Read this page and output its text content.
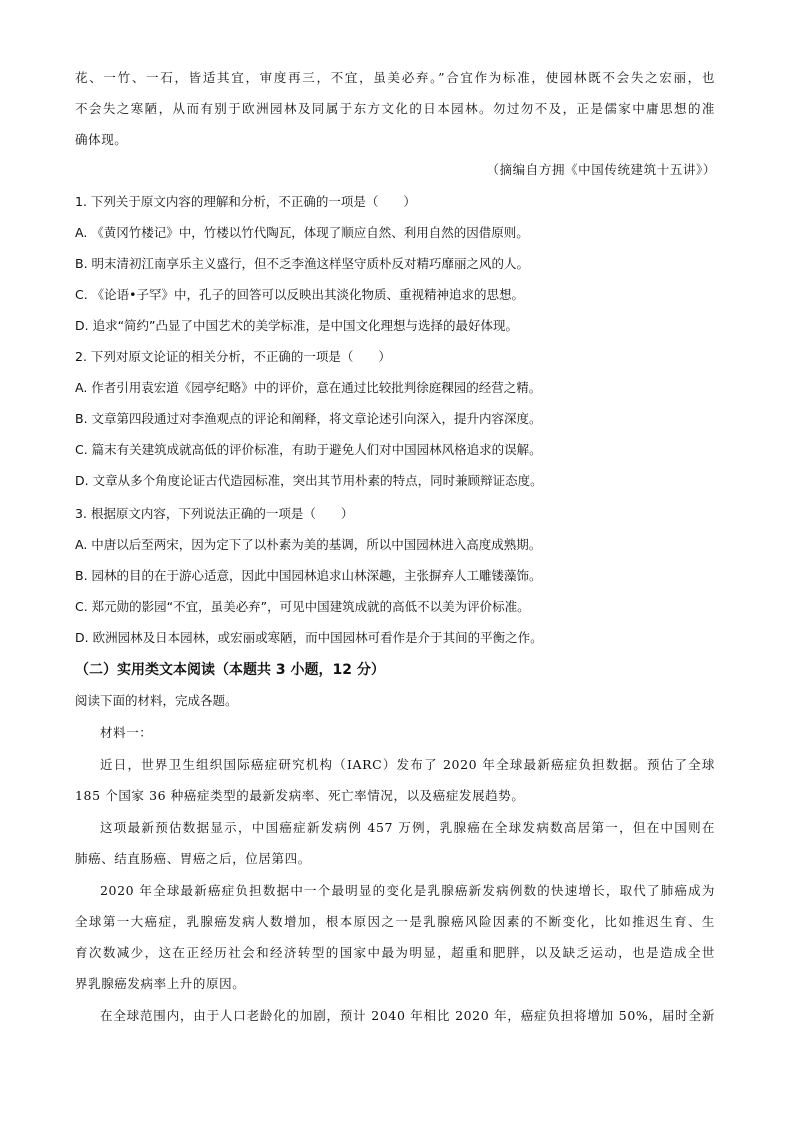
花、一竹、一石，皆适其宜，审度再三，不宜，虽美必弃。”合宜作为标准，使园林既不会失之宏丽，也
不会失之寒陋，从而有别于欧洲园林及同属于东方文化的日本园林。勿过勿不及，正是儒家中庸思想的准
确体现。
（摘编自方拥《中国传统建筑十五讲》）
1. 下列关于原文内容的理解和分析，不正确的一项是（　　）
A. 《黄冈竹楼记》中，竹楼以竹代陶瓦，体现了顺应自然、利用自然的因借原则。
B. 明末清初江南享乐主义盛行，但不乏李渔这样坚守质朴反对精巧靡丽之风的人。
C. 《论语•子罕》中，孔子的回答可以反映出其淡化物质、重视精神追求的思想。
D. 追求“简约”凸显了中国艺术的美学标准，是中国文化理想与选择的最好体现。
2. 下列对原文论证的相关分析，不正确的一项是（　　）
A. 作者引用袁宏道《园亭纪略》中的评价，意在通过比较批判徐庭稞园的经营之精。
B. 文章第四段通过对李渔观点的评论和阐释，将文章论述引向深入，提升内容深度。
C. 篇末有关建筑成就高低的评价标准，有助于避免人们对中国园林风格追求的误解。
D. 文章从多个角度论证古代造园标准，突出其节用朴素的特点，同时兼顾辩证态度。
3. 根据原文内容，下列说法正确的一项是（　　）
A. 中唐以后至两宋，因为定下了以朴素为美的基调，所以中国园林进入高度成熟期。
B. 园林的目的在于游心适意，因此中国园林追求山林深趣，主张摒弃人工雕镂藻饰。
C. 郑元勋的影园“不宜，虽美必弃”，可见中国建筑成就的高低不以美为评价标准。
D. 欧洲园林及日本园林，或宏丽或寒陋，而中国园林可看作是介于其间的平衡之作。
（二）实用类文本阅读（本题共 3 小题，12 分）
阅读下面的材料，完成各题。
材料一：
近日，世界卫生组织国际癌症研究机构（IARC）发布了 2020 年全球最新癌症负担数据。预估了全球
185 个国家 36 种癌症类型的最新发病率、死亡率情况，以及癌症发展趋势。
这项最新预估数据显示，中国癌症新发病例 457 万例，乳腺癌在全球发病数高居第一，但在中国则在
肺癌、结直肠癌、胃癌之后，位居第四。
2020 年全球最新癌症负担数据中一个最明显的变化是乳腺癌新发病例数的快速增长，取代了肺癌成为
全球第一大癌症，乳腺癌发病人数增加，根本原因之一是乳腺癌风险因素的不断变化，比如推迟生育、生
育次数减少，这在正经历社会和经济转型的国家中最为明显，超重和肥胖，以及缺乏运动，也是造成全世
界乳腺癌发病率上升的原因。
在全球范围内，由于人口老龄化的加剧，预计 2040 年相比 2020 年，癌症负担将增加 50%，届时全新
